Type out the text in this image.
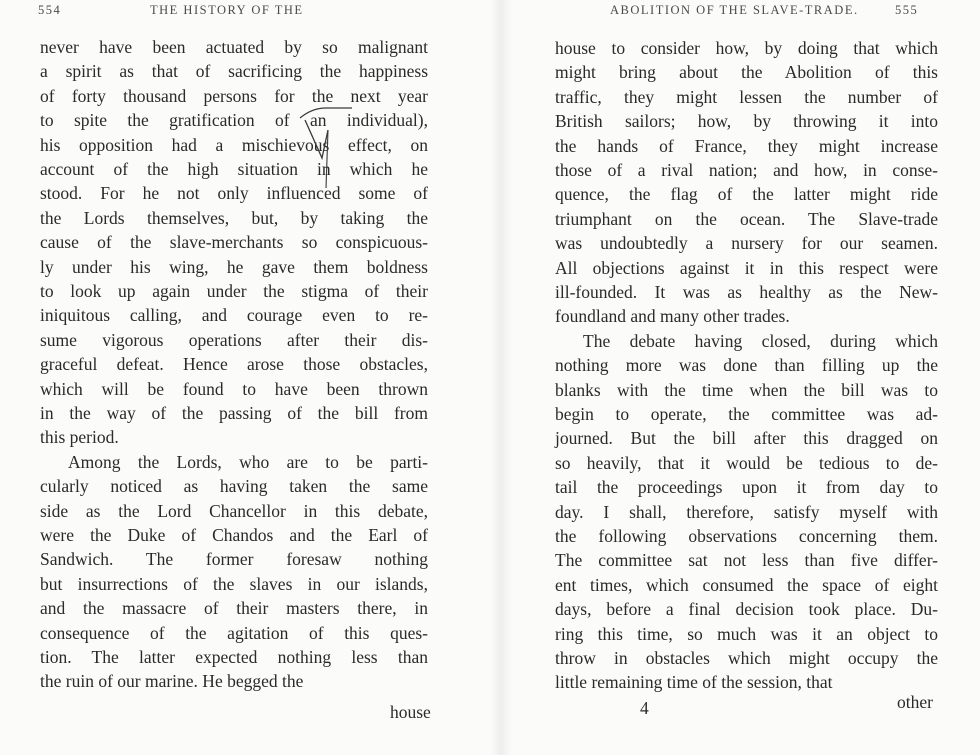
554	THE HISTORY OF THE
never have been actuated by so malignant
a spirit as that of sacrificing the happiness
of forty thousand persons for the next year
to spite the gratification of an individual),
his opposition had a mischievous effect, on
account of the high situation in which he
stood. For he not only influenced some of
the Lords themselves, but, by taking the
cause of the slave-merchants so conspicuous-
ly under his wing, he gave them boldness
to look up again under the stigma of their
iniquitous calling, and courage even to re-
sume vigorous operations after their dis-
graceful defeat. Hence arose those obstacles,
which will be found to have been thrown
in the way of the passing of the bill from
this period.
Among the Lords, who are to be parti-
cularly noticed as having taken the same
side as the Lord Chancellor in this debate,
were the Duke of Chandos and the Earl of
Sandwich. The former foresaw nothing
but insurrections of the slaves in our islands,
and the massacre of their masters there, in
consequence of the agitation of this ques-
tion. The latter expected nothing less than
the ruin of our marine. He begged the
house
ABOLITION OF THE SLAVE-TRADE.	555
house to consider how, by doing that which
might bring about the Abolition of this
traffic, they might lessen the number of
British sailors; how, by throwing it into
the hands of France, they might increase
those of a rival nation; and how, in conse-
quence, the flag of the latter might ride
triumphant on the ocean. The Slave-trade
was undoubtedly a nursery for our seamen.
All objections against it in this respect were
ill-founded. It was as healthy as the New-
foundland and many other trades.
The debate having closed, during which
nothing more was done than filling up the
blanks with the time when the bill was to
begin to operate, the committee was ad-
journed. But the bill after this dragged on
so heavily, that it would be tedious to de-
tail the proceedings upon it from day to
day. I shall, therefore, satisfy myself with
the following observations concerning them.
The committee sat not less than five differ-
ent times, which consumed the space of eight
days, before a final decision took place. Du-
ring this time, so much was it an object to
throw in obstacles which might occupy the
little remaining time of the session, that
4	other
